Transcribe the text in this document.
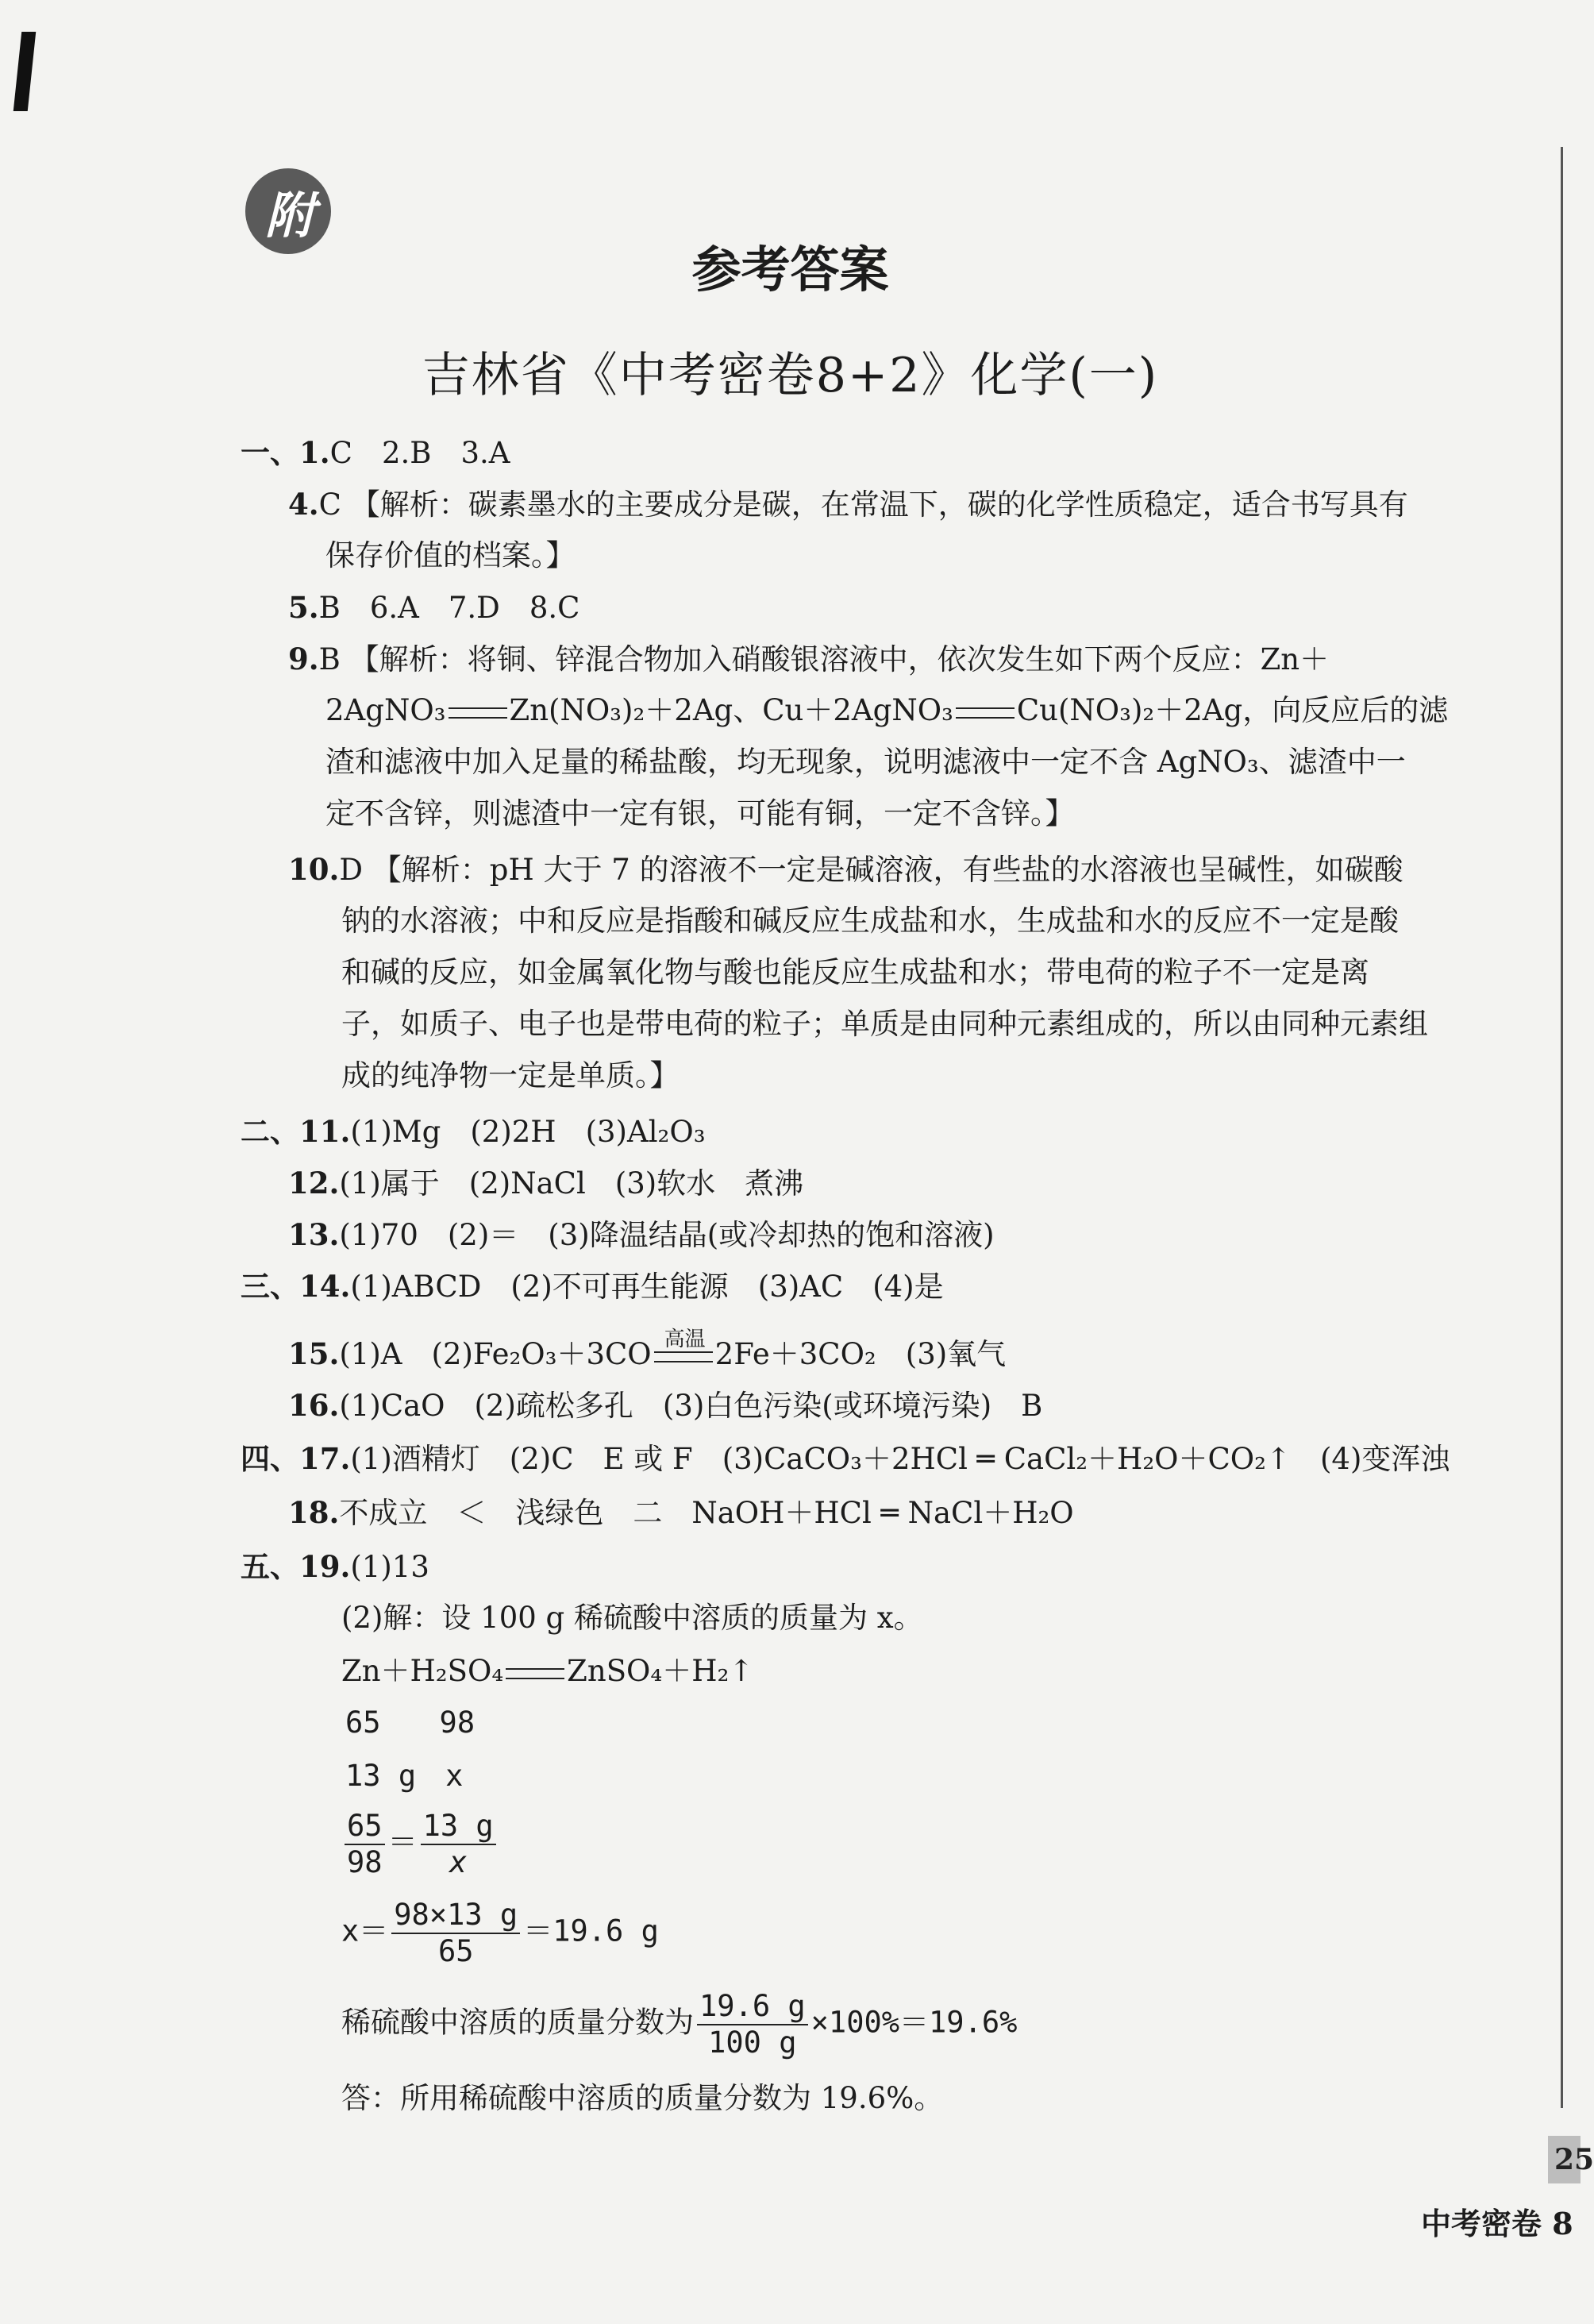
附
参考答案
吉林省《中考密卷8+2》化学(一)
一、1.C　2.B　3.A
4.C 【解析：碳素墨水的主要成分是碳，在常温下，碳的化学性质稳定，适合书写具有
保存价值的档案。】
5.B　6.A　7.D　8.C
9.B 【解析：将铜、锌混合物加入硝酸银溶液中，依次发生如下两个反应：Zn＋
2AgNO₃ Zn(NO₃)₂＋2Ag、Cu＋2AgNO₃ Cu(NO₃)₂＋2Ag，向反应后的滤
渣和滤液中加入足量的稀盐酸，均无现象，说明滤液中一定不含 AgNO₃、滤渣中一
定不含锌，则滤渣中一定有银，可能有铜，一定不含锌。】
10.D 【解析：pH 大于 7 的溶液不一定是碱溶液，有些盐的水溶液也呈碱性，如碳酸
钠的水溶液；中和反应是指酸和碱反应生成盐和水，生成盐和水的反应不一定是酸
和碱的反应，如金属氧化物与酸也能反应生成盐和水；带电荷的粒子不一定是离
子，如质子、电子也是带电荷的粒子；单质是由同种元素组成的，所以由同种元素组
成的纯净物一定是单质。】
二、11.(1)Mg　(2)2H　(3)Al₂O₃
12.(1)属于　(2)NaCl　(3)软水　煮沸
13.(1)70　(2)＝　(3)降温结晶(或冷却热的饱和溶液)
三、14.(1)ABCD　(2)不可再生能源　(3)AC　(4)是
15.(1)A　(2)Fe₂O₃＋3CO 高温 2Fe＋3CO₂　(3)氧气
16.(1)CaO　(2)疏松多孔　(3)白色污染(或环境污染)　B
四、17.(1)酒精灯　(2)C　E 或 F　(3)CaCO₃＋2HCl ═ CaCl₂＋H₂O＋CO₂↑　(4)变浑浊
18.不成立　＜　浅绿色　二　NaOH＋HCl ═ NaCl＋H₂O
五、19.(1)13
(2)解：设 100 g 稀硫酸中溶质的质量为 x。
Zn＋H₂SO₄ ZnSO₄＋H₂↑
65　　98
13 g　x
$\frac{65}{98} = \frac{13 g}{x}$
$x= \frac{98\times 13 g}{65} =19.6$ g
稀硫酸中溶质的质量分数为 $\frac{19.6 g}{100 g} \times 100\%=19.6\%$
答：所用稀硫酸中溶质的质量分数为 19.6%。
25
中考密卷 8
